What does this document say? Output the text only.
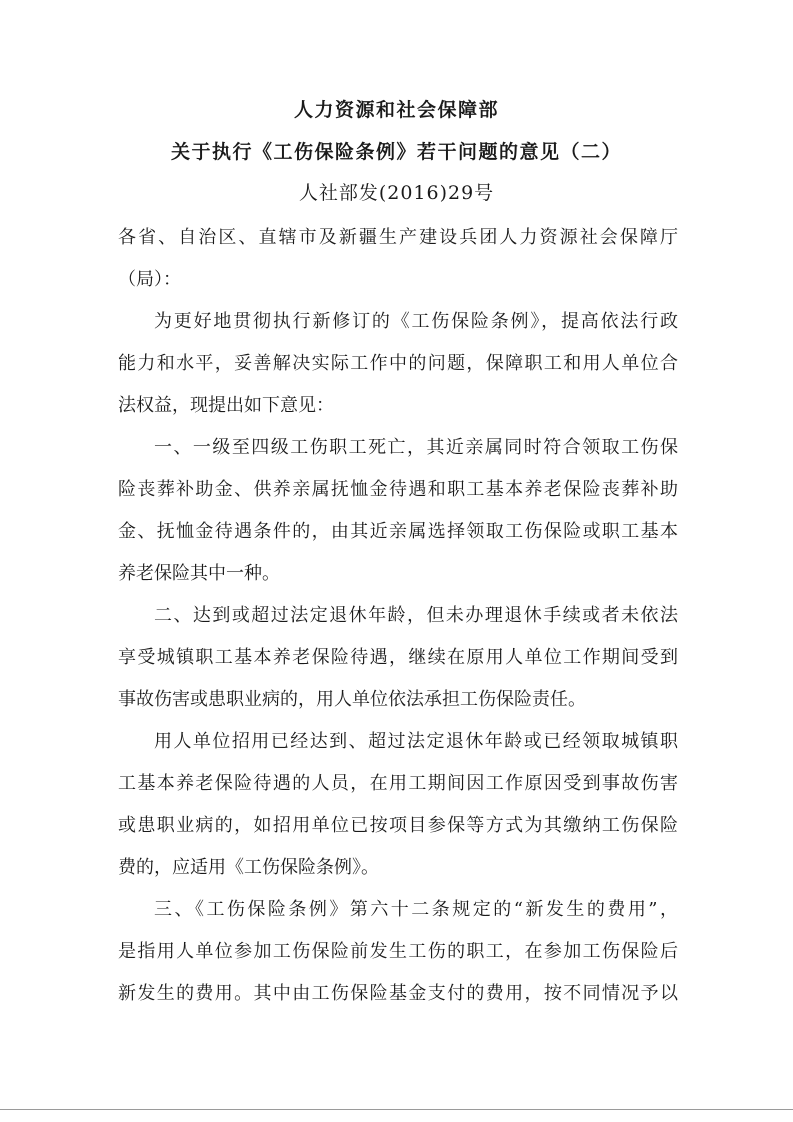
人力资源和社会保障部
关于执行《工伤保险条例》若干问题的意见（二）
人社部发(2016)29号
各省、自治区、直辖市及新疆生产建设兵团人力资源社会保障厅
（局）：
为更好地贯彻执行新修订的《工伤保险条例》，提高依法行政
能力和水平，妥善解决实际工作中的问题，保障职工和用人单位合
法权益，现提出如下意见：
一、一级至四级工伤职工死亡，其近亲属同时符合领取工伤保
险丧葬补助金、供养亲属抚恤金待遇和职工基本养老保险丧葬补助
金、抚恤金待遇条件的，由其近亲属选择领取工伤保险或职工基本
养老保险其中一种。
二、达到或超过法定退休年龄，但未办理退休手续或者未依法
享受城镇职工基本养老保险待遇，继续在原用人单位工作期间受到
事故伤害或患职业病的，用人单位依法承担工伤保险责任。
用人单位招用已经达到、超过法定退休年龄或已经领取城镇职
工基本养老保险待遇的人员，在用工期间因工作原因受到事故伤害
或患职业病的，如招用单位已按项目参保等方式为其缴纳工伤保险
费的，应适用《工伤保险条例》。
三、《工伤保险条例》第六十二条规定的“新发生的费用”，
是指用人单位参加工伤保险前发生工伤的职工，在参加工伤保险后
新发生的费用。其中由工伤保险基金支付的费用，按不同情况予以
